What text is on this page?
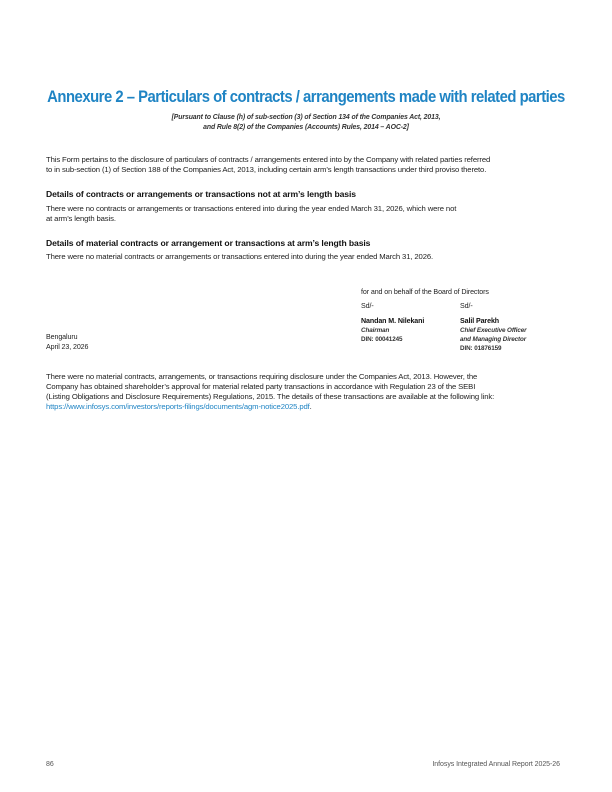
Annexure 2 – Particulars of contracts / arrangements made with related parties
[Pursuant to Clause (h) of sub-section (3) of Section 134 of the Companies Act, 2013,
and Rule 8(2) of the Companies (Accounts) Rules, 2014 – AOC-2]
This Form pertains to the disclosure of particulars of contracts / arrangements entered into by the Company with related parties referred
to in sub-section (1) of Section 188 of the Companies Act, 2013, including certain arm’s length transactions under third proviso thereto.
Details of contracts or arrangements or transactions not at arm’s length basis
There were no contracts or arrangements or transactions entered into during the year ended March 31, 2026, which were not
at arm’s length basis.
Details of material contracts or arrangement or transactions at arm’s length basis
There were no material contracts or arrangements or transactions entered into during the year ended March 31, 2026.
for and on behalf of the Board of Directors
Sd/-	Sd/-
Nandan M. Nilekani
Chairman
DIN: 00041245
Salil Parekh
Chief Executive Officer
and Managing Director
DIN: 01876159
Bengaluru
April 23, 2026
There were no material contracts, arrangements, or transactions requiring disclosure under the Companies Act, 2013. However, the
Company has obtained shareholder’s approval for material related party transactions in accordance with Regulation 23 of the SEBI
(Listing Obligations and Disclosure Requirements) Regulations, 2015. The details of these transactions are available at the following link:
https://www.infosys.com/investors/reports-filings/documents/agm-notice2025.pdf.
86	Infosys Integrated Annual Report 2025-26
